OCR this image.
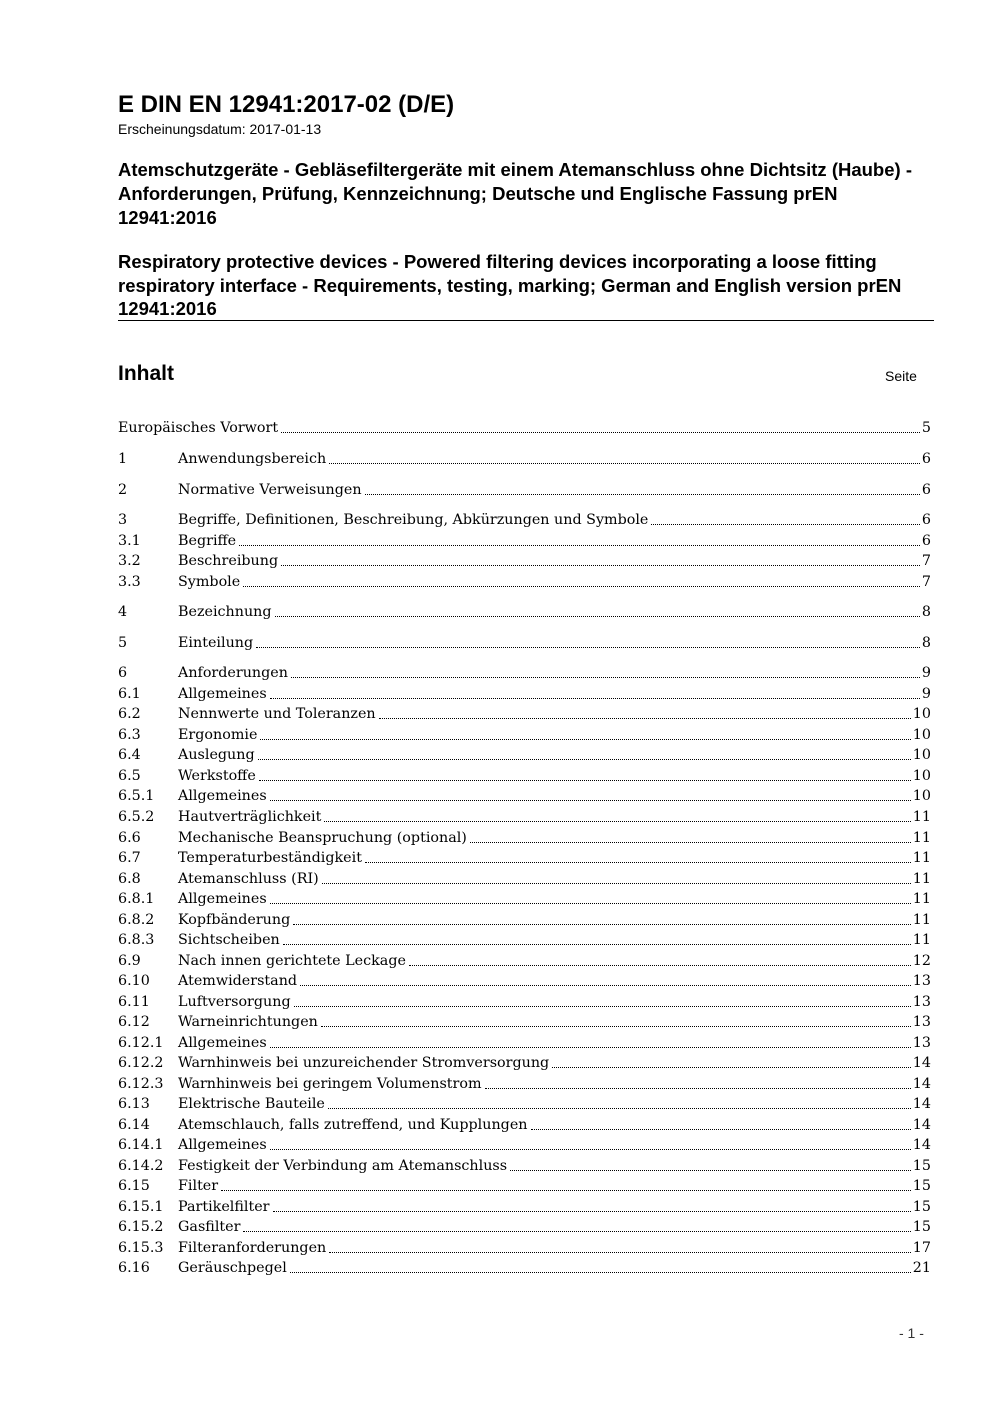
E DIN EN 12941:2017-02 (D/E)
Erscheinungsdatum: 2017-01-13
Atemschutzgeräte - Gebläsefiltergeräte mit einem Atemanschluss ohne Dichtsitz (Haube) - Anforderungen, Prüfung, Kennzeichnung; Deutsche und Englische Fassung prEN 12941:2016
Respiratory protective devices - Powered filtering devices incorporating a loose fitting respiratory interface - Requirements, testing, marking; German and English version prEN 12941:2016
Inhalt	Seite
Europäisches Vorwort	5
1	Anwendungsbereich	6
2	Normative Verweisungen	6
3	Begriffe, Definitionen, Beschreibung, Abkürzungen und Symbole	6
3.1	Begriffe	6
3.2	Beschreibung	7
3.3	Symbole	7
4	Bezeichnung	8
5	Einteilung	8
6	Anforderungen	9
6.1	Allgemeines	9
6.2	Nennwerte und Toleranzen	10
6.3	Ergonomie	10
6.4	Auslegung	10
6.5	Werkstoffe	10
6.5.1	Allgemeines	10
6.5.2	Hautverträglichkeit	11
6.6	Mechanische Beanspruchung (optional)	11
6.7	Temperaturbeständigkeit	11
6.8	Atemanschluss (RI)	11
6.8.1	Allgemeines	11
6.8.2	Kopfbänderung	11
6.8.3	Sichtscheiben	11
6.9	Nach innen gerichtete Leckage	12
6.10	Atemwiderstand	13
6.11	Luftversorgung	13
6.12	Warneinrichtungen	13
6.12.1	Allgemeines	13
6.12.2	Warnhinweis bei unzureichender Stromversorgung	14
6.12.3	Warnhinweis bei geringem Volumenstrom	14
6.13	Elektrische Bauteile	14
6.14	Atemschlauch, falls zutreffend, und Kupplungen	14
6.14.1	Allgemeines	14
6.14.2	Festigkeit der Verbindung am Atemanschluss	15
6.15	Filter	15
6.15.1	Partikelfilter	15
6.15.2	Gasfilter	15
6.15.3	Filteranforderungen	17
6.16	Geräuschpegel	21
- 1 -
